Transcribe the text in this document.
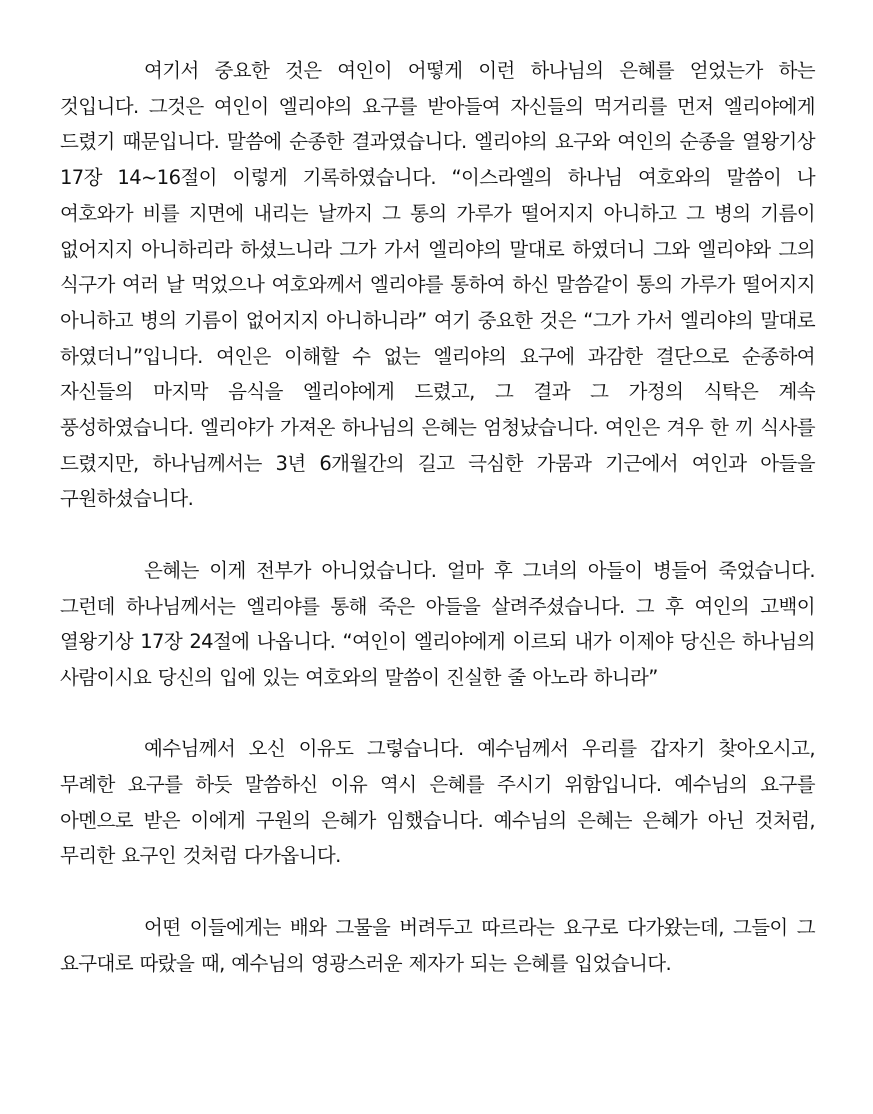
여기서 중요한 것은 여인이 어떻게 이런 하나님의 은혜를 얻었는가 하는 것입니다. 그것은 여인이 엘리야의 요구를 받아들여 자신들의 먹거리를 먼저 엘리야에게 드렸기 때문입니다. 말씀에 순종한 결과였습니다. 엘리야의 요구와 여인의 순종을 열왕기상 17장 14~16절이 이렇게 기록하였습니다. “이스라엘의 하나님 여호와의 말씀이 나 여호와가 비를 지면에 내리는 날까지 그 통의 가루가 떨어지지 아니하고 그 병의 기름이 없어지지 아니하리라 하셨느니라 그가 가서 엘리야의 말대로 하였더니 그와 엘리야와 그의 식구가 여러 날 먹었으나 여호와께서 엘리야를 통하여 하신 말씀같이 통의 가루가 떨어지지 아니하고 병의 기름이 없어지지 아니하니라” 여기 중요한 것은 “그가 가서 엘리야의 말대로 하였더니”입니다. 여인은 이해할 수 없는 엘리야의 요구에 과감한 결단으로 순종하여 자신들의 마지막 음식을 엘리야에게 드렸고, 그 결과 그 가정의 식탁은 계속 풍성하였습니다. 엘리야가 가져온 하나님의 은혜는 엄청났습니다. 여인은 겨우 한 끼 식사를 드렸지만, 하나님께서는 3년 6개월간의 길고 극심한 가뭄과 기근에서 여인과 아들을 구원하셨습니다.

은혜는 이게 전부가 아니었습니다. 얼마 후 그녀의 아들이 병들어 죽었습니다. 그런데 하나님께서는 엘리야를 통해 죽은 아들을 살려주셨습니다. 그 후 여인의 고백이 열왕기상 17장 24절에 나옵니다. “여인이 엘리야에게 이르되 내가 이제야 당신은 하나님의 사람이시요 당신의 입에 있는 여호와의 말씀이 진실한 줄 아노라 하니라”

예수님께서 오신 이유도 그렇습니다. 예수님께서 우리를 갑자기 찾아오시고, 무례한 요구를 하듯 말씀하신 이유 역시 은혜를 주시기 위함입니다. 예수님의 요구를 아멘으로 받은 이에게 구원의 은혜가 임했습니다. 예수님의 은혜는 은혜가 아닌 것처럼, 무리한 요구인 것처럼 다가옵니다.

어떤 이들에게는 배와 그물을 버려두고 따르라는 요구로 다가왔는데, 그들이 그 요구대로 따랐을 때, 예수님의 영광스러운 제자가 되는 은혜를 입었습니다.
